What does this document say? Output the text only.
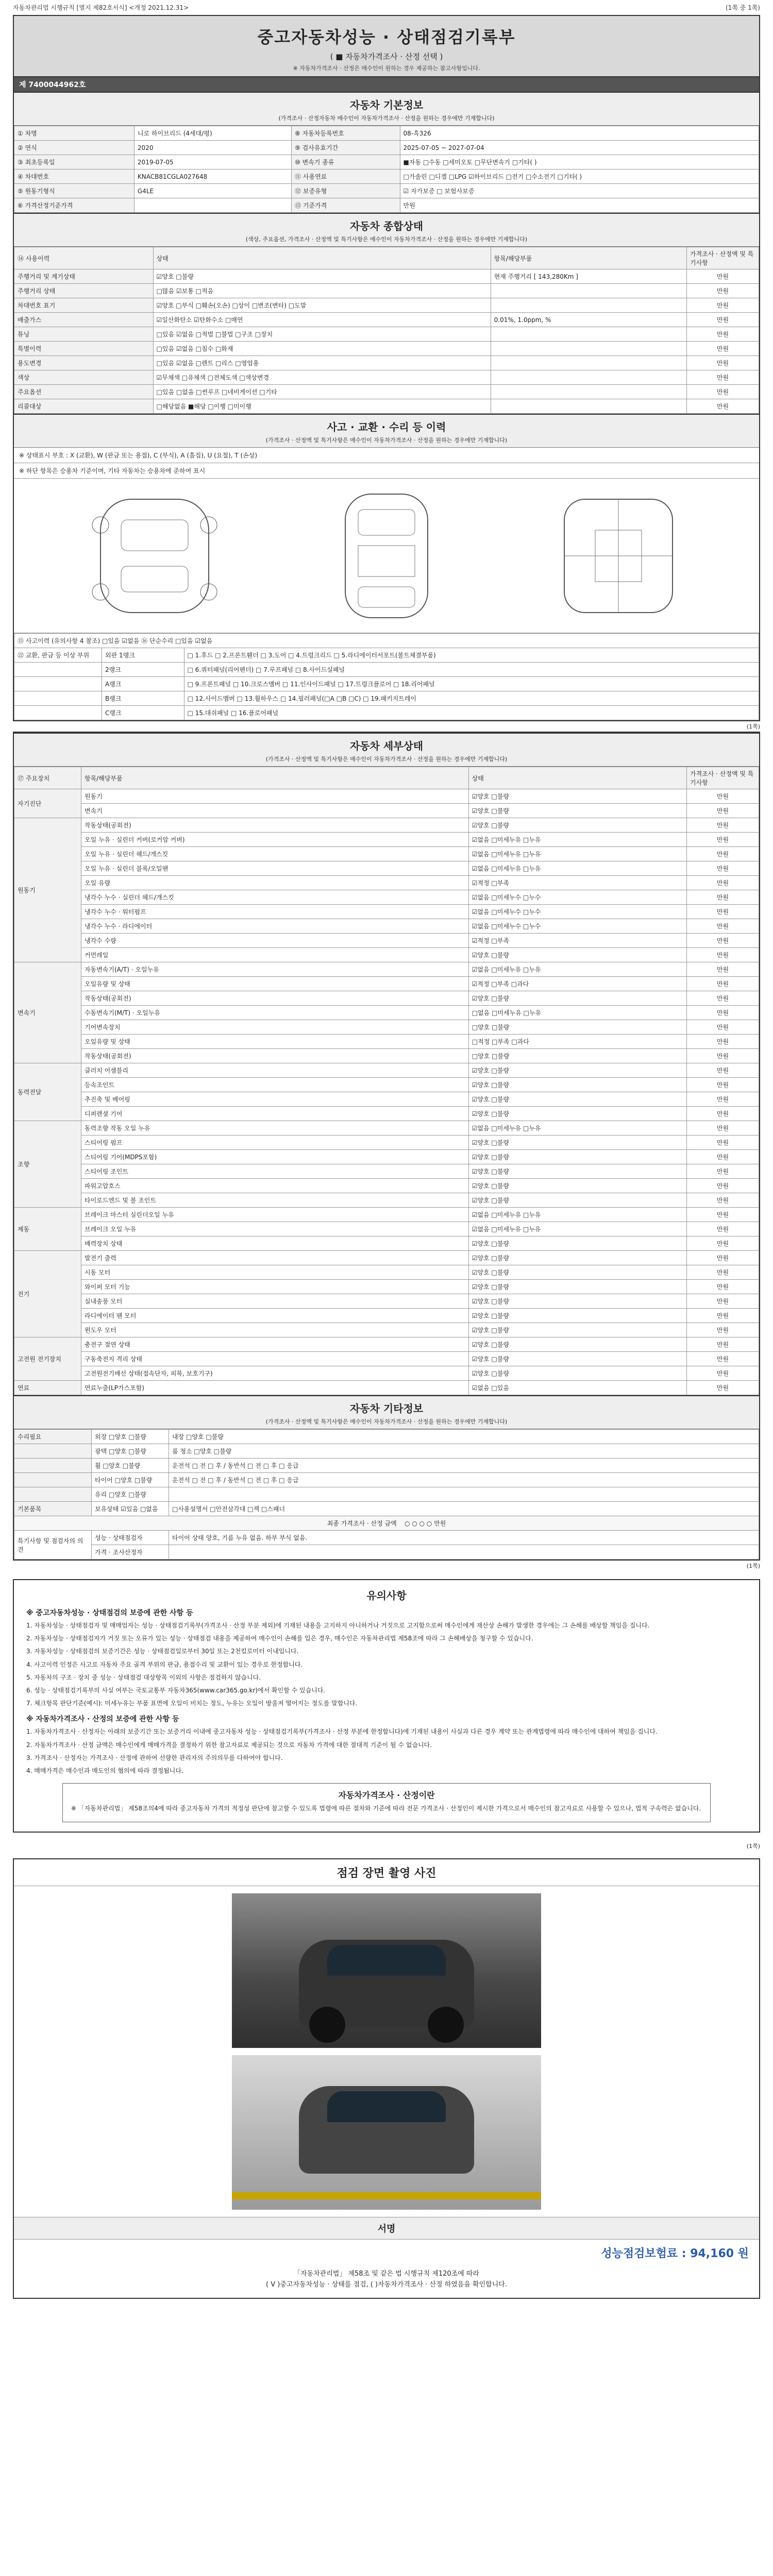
자동차관리법 시행규칙 [별지 제82호서식] <개정 2021.12.31>	(1쪽 중 1쪽)
중고자동차성능 · 상태점검기록부
( ■ 자동차가격조사 · 산정 선택 )
※ 자동차가격조사 · 산정은 매수인이 원하는 경우 제공하는 참고사항입니다.
제 7400044962호
자동차 기본정보
(가격조사 · 산정자동차 매수인이 자동차가격조사 · 산정을 원하는 경우에만 기재합니다)
① 차명	니로 하이브리드 (4세대/평)	⑧ 자동차등록번호	08-흑326
② 연식	2020	⑨ 검사유효기간	2025-07-05 ~ 2027-07-04
③ 최초등록일	2019-07-05	⑩ 변속기 종류	■자동 □수동 □세미오토 □무단변속기 □기타( )
④ 차대번호	KNACB81CGLA027648	⑪ 사용연료	□가솔린 □디젤 □LPG ☑하이브리드 □전기 □수소전기 □기타( )
⑤ 원동기형식	G4LE	⑫ 보증유형	☑ 자가보증 □ 보험사보증
⑥ 가격산정기준가격		⑬ 기준가격	만원
자동차 종합상태
(색상, 주요옵션, 가격조사 · 산정액 및 특기사항은 매수인이 자동차가격조사 · 산정을 원하는 경우에만 기재합니다)
⑭ 사용이력	상태	항목/해당부품	가격조사 · 산정액 및 특기사항
주행거리 및 계기상태	☑양호 □불량	현재 주행거리 [ 143,280Km ]	만원
주행거리 상태	□많음 ☑보통 □적음		만원
차대번호 표기	☑양호 □부식 □훼손(오손) □상이 □변조(변타) □도말		만원
배출가스	☑일산화탄소 ☑탄화수소 □매연	0.01%, 1.0ppm, %	만원
튜닝	□있음 ☑없음 □적법 □불법 □구조 □장치		만원
특별이력	□있음 ☑없음 □침수 □화재		만원
용도변경	□있음 ☑없음 □렌트 □리스 □영업용		만원
색상	☑무채색 □유채색 □전체도색 □색상변경		만원
주요옵션	□있음 □없음 □썬루프 □네비게이션 □기타		만원
리콜대상	□해당없음 ■해당 □이행 □미이행		만원
사고 · 교환 · 수리 등 이력
(가격조사 · 산정액 및 특기사항은 매수인이 자동차가격조사 · 산정을 원하는 경우에만 기재합니다)
※ 상태표시 부호 : X (교환), W (판금 또는 용접), C (부식), A (흠집), U (요철), T (손상)
※ 하단 항목은 승용차 기준이며, 기타 자동차는 승용차에 준하여 표시
⑮ 사고이력 (유의사항 4 참조) □있음 ☑없음 ⑯ 단순수리 □있음 ☑없음		
㉒ 교환, 판금 등 이상 부위	외판 1랭크	□ 1.후드 □ 2.프론트휀더 □ 3.도어 □ 4.트렁크리드 □ 5.라디에이터서포트(볼트체결부품)
	2랭크	□ 6.쿼터패널(리어펜더) □ 7.루프패널 □ 8.사이드실패널
	A랭크	□ 9.프론트패널 □ 10.크로스멤버 □ 11.인사이드패널 □ 17.트렁크플로어 □ 18.리어패널
	B랭크	□ 12.사이드멤버 □ 13.휠하우스 □ 14.필러패널(□A □B □C) □ 19.패키지트레이
	C랭크	□ 15.대쉬패널 □ 16.플로어패널
(1쪽)
자동차 세부상태
(가격조사 · 산정액 및 특기사항은 매수인이 자동차가격조사 · 산정을 원하는 경우에만 기재합니다)
⑰ 주요장치	항목/해당부품	상태	가격조사 · 산정액 및 특기사항
자기진단	원동기	☑양호 □불량	만원
	변속기	☑양호 □불량	만원
원동기	작동상태(공회전)	☑양호 □불량	만원
	오일 누유 · 실린더 커버(로커암 커버)	☑없음 □미세누유 □누유	만원
	오일 누유 · 실린더 헤드/개스킷	☑없음 □미세누유 □누유	만원
	오일 누유 · 실린더 블록/오일팬	☑없음 □미세누유 □누유	만원
	오일 유량	☑적정 □부족	만원
	냉각수 누수 · 실린더 헤드/개스킷	☑없음 □미세누수 □누수	만원
	냉각수 누수 · 워터펌프	☑없음 □미세누수 □누수	만원
	냉각수 누수 · 라디에이터	☑없음 □미세누수 □누수	만원
	냉각수 수량	☑적정 □부족	만원
	커먼레일	☑양호 □불량	만원
변속기	자동변속기(A/T) · 오일누유	☑없음 □미세누유 □누유	만원
	오일유량 및 상태	☑적정 □부족 □과다	만원
	작동상태(공회전)	☑양호 □불량	만원
	수동변속기(M/T) · 오일누유	□없음 □미세누유 □누유	만원
	기어변속장치	□양호 □불량	만원
	오일유량 및 상태	□적정 □부족 □과다	만원
	작동상태(공회전)	□양호 □불량	만원
동력전달	클러치 어셈블리	☑양호 □불량	만원
	등속조인트	☑양호 □불량	만원
	추진축 및 베어링	☑양호 □불량	만원
	디퍼렌셜 기어	☑양호 □불량	만원
조향	동력조향 작동 오일 누유	☑없음 □미세누유 □누유	만원
	스티어링 펌프	☑양호 □불량	만원
	스티어링 기어(MDPS포함)	☑양호 □불량	만원
	스티어링 조인트	☑양호 □불량	만원
	파워고압호스	☑양호 □불량	만원
	타이로드엔드 및 볼 조인트	☑양호 □불량	만원
제동	브레이크 마스터 실린더오일 누유	☑없음 □미세누유 □누유	만원
	브레이크 오일 누유	☑없음 □미세누유 □누유	만원
	배력장치 상태	☑양호 □불량	만원
전기	발전기 출력	☑양호 □불량	만원
	시동 모터	☑양호 □불량	만원
	와이퍼 모터 기능	☑양호 □불량	만원
	실내송풍 모터	☑양호 □불량	만원
	라디에이터 팬 모터	☑양호 □불량	만원
	윈도우 모터	☑양호 □불량	만원
고전원 전기장치	충전구 절연 상태	☑양호 □불량	만원
	구동축전지 격리 상태	☑양호 □불량	만원
	고전원전기배선 상태(접속단자, 피복, 보호기구)	☑양호 □불량	만원
연료	연료누출(LP가스포함)	☑없음 □있음	만원
자동차 기타정보
(가격조사 · 산정액 및 특기사항은 매수인이 자동차가격조사 · 산정을 원하는 경우에만 기재합니다)
수리필요	외장 □양호 □불량	내장 □양호 □불량
	광택 □양호 □불량	룸 청소 □양호 □불량
	휠 □양호 □불량	운전석 □ 전 □ 후 / 동반석 □ 전 □ 후 □ 응급
	타이어 □양호 □불량	운전석 □ 전 □ 후 / 동반석 □ 전 □ 후 □ 응급
	유리 □양호 □불량	
기본품목	보유상태 ☑있음 □없음	□사용설명서 □안전삼각대 □잭 □스패너
최종 가격조사 · 산정 금액 ○ ○ ○ ○ 만원		
특기사항 및 점검자의 의견	성능 · 상태점검자	타이어 상태 양호, 기름 누유 없음. 하부 부식 없음.
	가격 · 조사산정자	
(1쪽)
유의사항
※ 중고자동차성능 · 상태점검의 보증에 관한 사항 등
1. 자동차성능 · 상태점검자 및 매매업자는 성능 · 상태점검기록부(가격조사 · 산정 부분 제외)에 기재된 내용을 고지하지 아니하거나 거짓으로 고지함으로써 매수인에게 재산상 손해가 발생한 경우에는 그 손해를 배상할 책임을 집니다.
2. 자동차성능 · 상태점검자가 거짓 또는 오류가 있는 성능 · 상태점검 내용을 제공하여 매수인이 손해를 입은 경우, 매수인은 자동차관리법 제58조에 따라 그 손해배상을 청구할 수 있습니다.
3. 자동차성능 · 상태점검의 보증기간은 성능 · 상태점검일로부터 30일 또는 2천킬로미터 이내입니다.
4. 사고이력 인정은 사고로 자동차 주요 골격 부위의 판금, 용접수리 및 교환이 있는 경우로 한정합니다.
5. 자동차의 구조 · 장치 중 성능 · 상태점검 대상항목 이외의 사항은 점검하지 않습니다.
6. 성능 · 상태점검기록부의 사실 여부는 국토교통부 자동차365(www.car365.go.kr)에서 확인할 수 있습니다.
7. 체크항목 판단기준(예시): 미세누유는 부품 표면에 오일이 비치는 정도, 누유는 오일이 방울져 떨어지는 정도를 말합니다.
※ 자동차가격조사 · 산정의 보증에 관한 사항 등
1. 자동차가격조사 · 산정자는 아래의 보증기간 또는 보증거리 이내에 중고자동차 성능 · 상태점검기록부(가격조사 · 산정 부분에 한정합니다)에 기재된 내용이 사실과 다른 경우 계약 또는 관계법령에 따라 매수인에 대하여 책임을 집니다.
2. 자동차가격조사 · 산정 금액은 매수인에게 매매가격을 결정하기 위한 참고자료로 제공되는 것으로 자동차 가격에 대한 절대적 기준이 될 수 없습니다.
3. 가격조사 · 산정자는 가격조사 · 산정에 관하여 선량한 관리자의 주의의무를 다하여야 합니다.
4. 매매가격은 매수인과 매도인의 협의에 따라 결정됩니다.
자동차가격조사 · 산정이란
※ 「자동차관리법」 제58조의4에 따라 중고자동차 가격의 적정성 판단에 참고할 수 있도록 법령에 따른 절차와 기준에 따라 전문 가격조사 · 산정인이 제시한 가격으로서 매수인의 참고자료로 사용할 수 있으나, 법적 구속력은 없습니다.
(1쪽)
점검 장면 촬영 사진
서명
성능점검보험료 : 94,160 원
「자동차관리법」 제58조 및 같은 법 시행규칙 제120조에 따라
( V )중고자동차성능 · 상태를 점검, ( )자동차가격조사 · 산정 하였음을 확인합니다.
